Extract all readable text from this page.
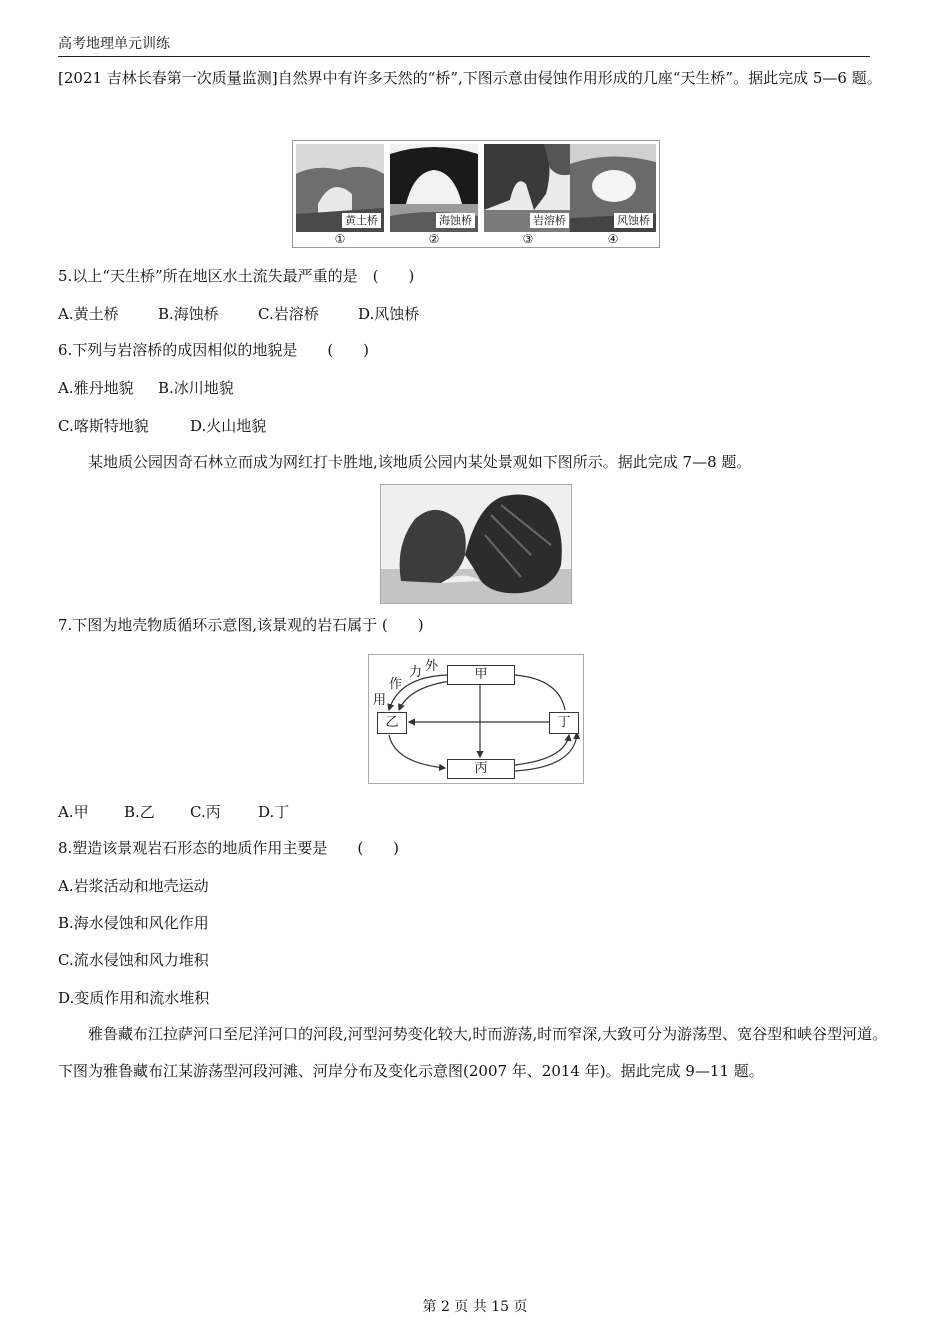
高考地理单元训练

[2021 吉林长春第一次质量监测]自然界中有许多天然的“桥”,下图示意由侵蚀作用形成的几座“天生桥”。据此完成 5—6 题。

黄土桥	海蚀桥	岩溶桥	风蚀桥
①	②	③	④

5.以上“天生桥”所在地区水土流失最严重的是　(　　)

A.黄土桥	B.海蚀桥	C.岩溶桥	D.风蚀桥

6.下列与岩溶桥的成因相似的地貌是　　(　　)

A.雅丹地貌 B.冰川地貌
C.喀斯特地貌	D.火山地貌

某地质公园因奇石林立而成为网红打卡胜地,该地质公园内某处景观如下图所示。据此完成 7—8 题。

7.下图为地壳物质循环示意图,该景观的岩石属于 (　　)

甲
乙
丙
丁
外
力
作
用
A.甲 B.乙 C.丙 D.丁

8.塑造该景观岩石形态的地质作用主要是　　(　　)

A.岩浆活动和地壳运动
B.海水侵蚀和风化作用
C.流水侵蚀和风力堆积
D.变质作用和流水堆积

雅鲁藏布江拉萨河口至尼洋河口的河段,河型河势变化较大,时而游荡,时而窄深,大致可分为游荡型、宽谷型和峡谷型河道。下图为雅鲁藏布江某游荡型河段河滩、河岸分布及变化示意图(2007 年、2014 年)。据此完成 9—11 题。

第 2 页 共 15 页
